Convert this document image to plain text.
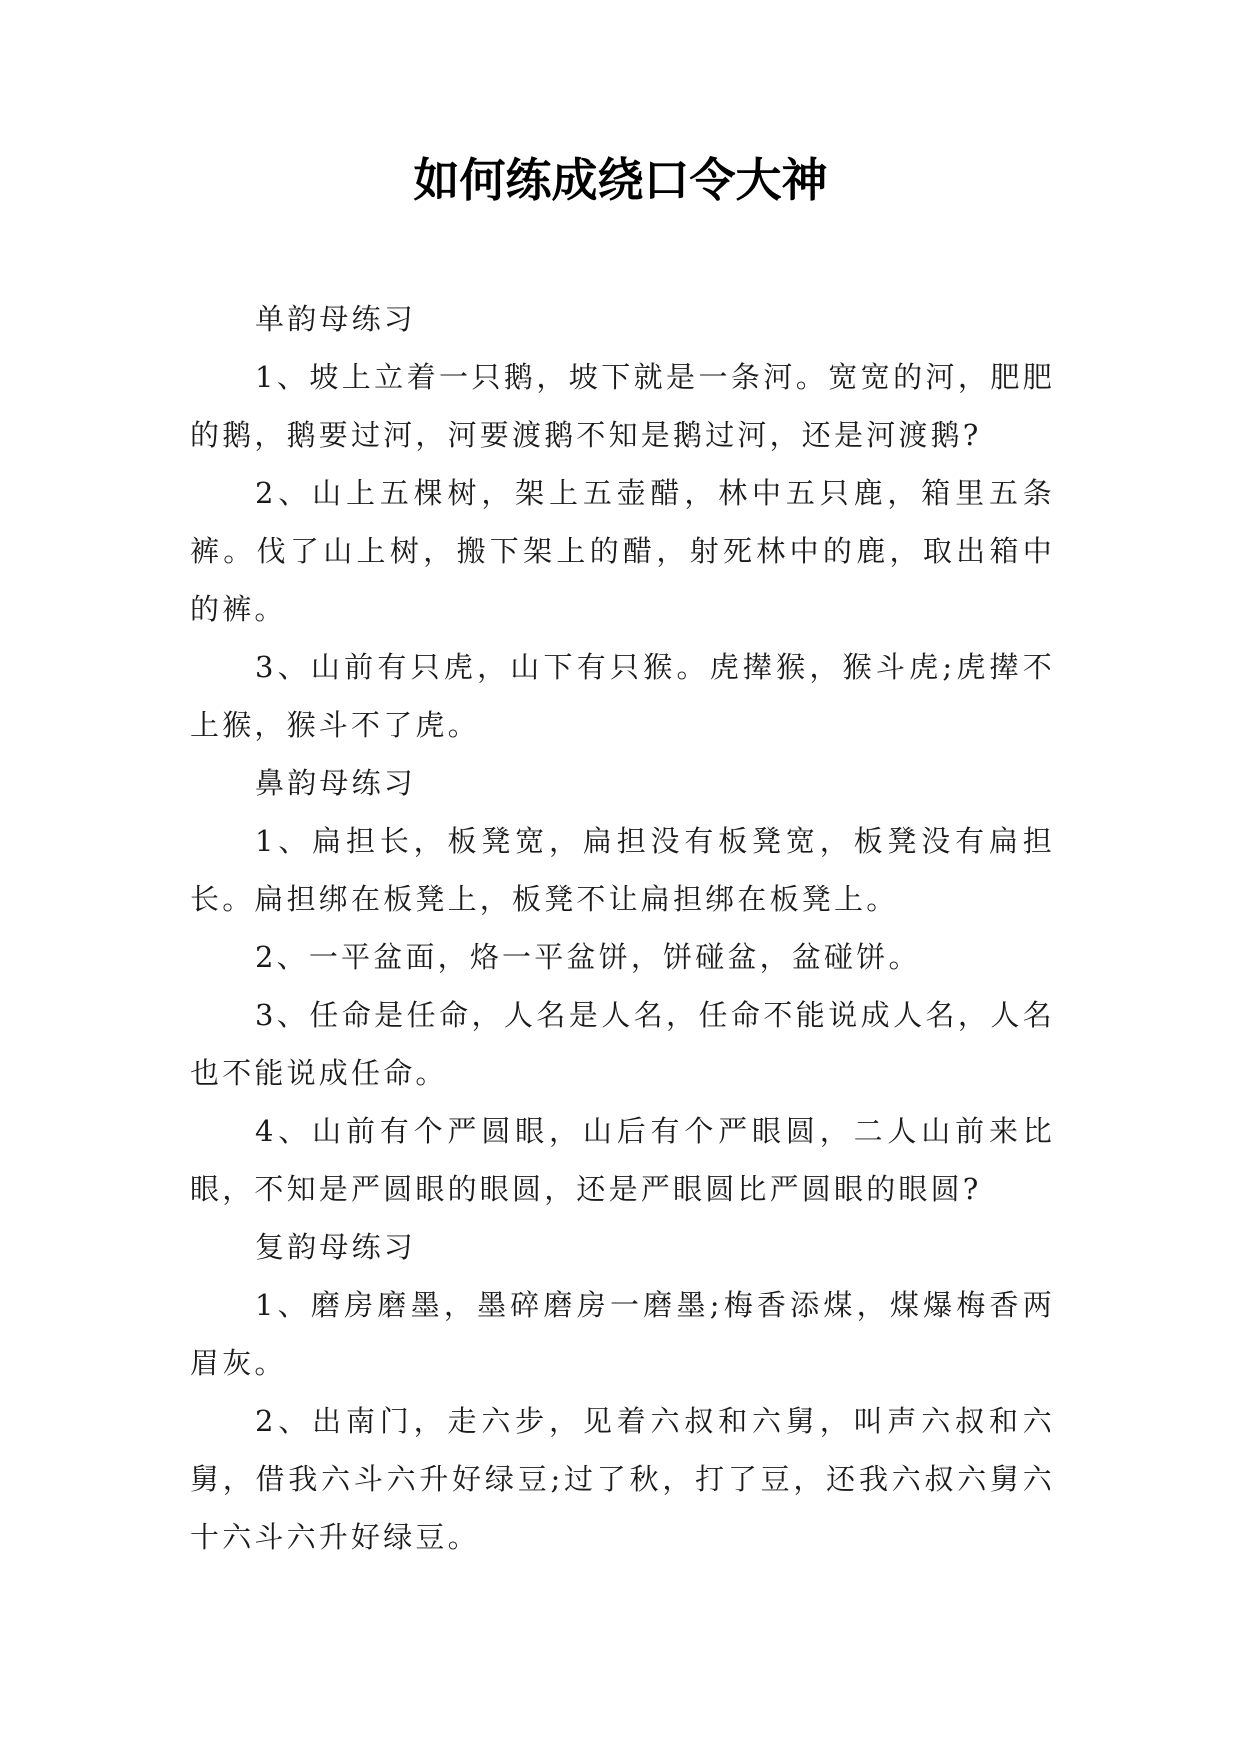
如何练成绕口令大神

单韵母练习

1、坡上立着一只鹅，坡下就是一条河。宽宽的河，肥肥的鹅，鹅要过河，河要渡鹅不知是鹅过河，还是河渡鹅?

2、山上五棵树，架上五壶醋，林中五只鹿，箱里五条裤。伐了山上树，搬下架上的醋，射死林中的鹿，取出箱中的裤。

3、山前有只虎，山下有只猴。虎撵猴，猴斗虎;虎撵不上猴，猴斗不了虎。

鼻韵母练习

1、扁担长，板凳宽，扁担没有板凳宽，板凳没有扁担长。扁担绑在板凳上，板凳不让扁担绑在板凳上。

2、一平盆面，烙一平盆饼，饼碰盆，盆碰饼。

3、任命是任命，人名是人名，任命不能说成人名，人名也不能说成任命。

4、山前有个严圆眼，山后有个严眼圆，二人山前来比眼，不知是严圆眼的眼圆，还是严眼圆比严圆眼的眼圆?

复韵母练习

1、磨房磨墨，墨碎磨房一磨墨;梅香添煤，煤爆梅香两眉灰。

2、出南门，走六步，见着六叔和六舅，叫声六叔和六舅，借我六斗六升好绿豆;过了秋，打了豆，还我六叔六舅六十六斗六升好绿豆。
